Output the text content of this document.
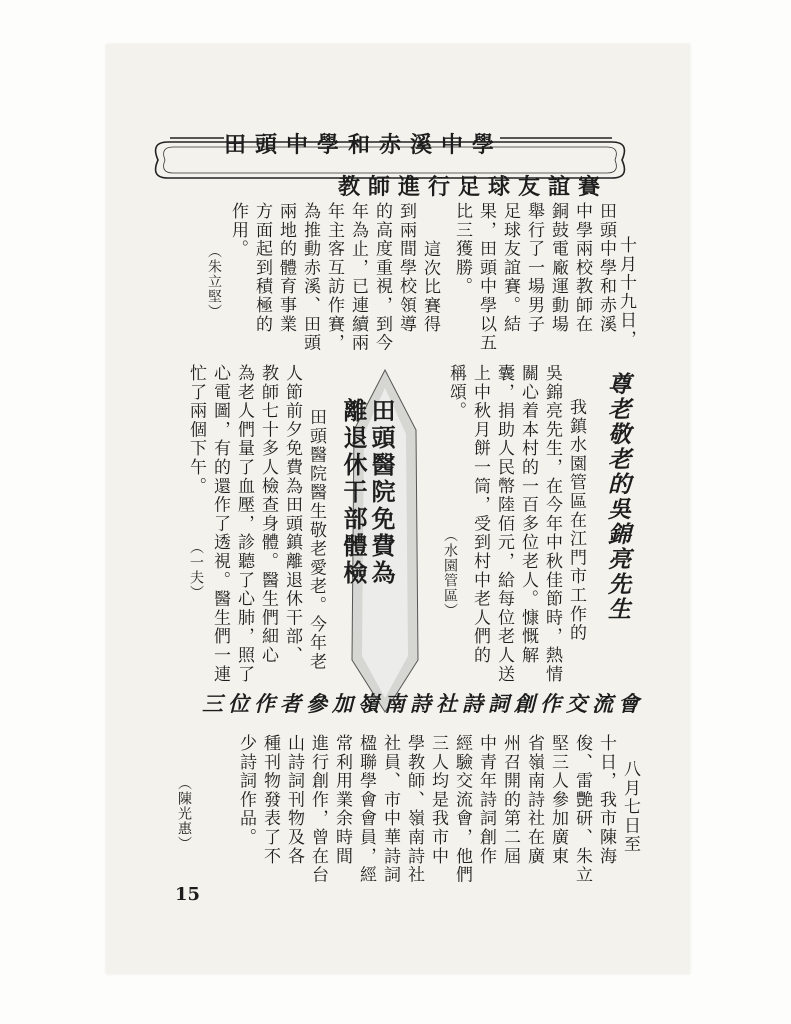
田頭中學和赤溪中學
教師進行足球友誼賽
十月十九日，
田頭中學和赤溪
中學兩校教師在
銅鼓電廠運動場
舉行了一場男子
足球友誼賽。結
果，田頭中學以五
比三獲勝。
這次比賽得
到兩間學校領導
的高度重視，到今
年為止，已連續兩
年主客互訪作賽，
為推動赤溪、田頭
兩地的體育事業
方面起到積極的
作用。
（朱立堅）
尊老敬老的吳錦亮先生
我鎮水園管區在江門市工作的
吳錦亮先生，在今年中秋佳節時，熱情
關心着本村的一百多位老人。慷慨解
囊，捐助人民幣陸佰元，給每位老人送
上中秋月餅一筒，受到村中老人們的
稱頌。
（水園管區）
田頭醫院免費為
離退休干部體檢
田頭醫院醫生敬老愛老。今年老
人節前夕免費為田頭鎮離退休干部、
教師七十多人檢查身體。醫生們細心
為老人們量了血壓，診聽了心肺，照了
心電圖，有的還作了透視。醫生們一連
忙了兩個下午。
（一夫）
三位作者參加嶺南詩社詩詞創作交流會
八月七日至
十日，我市陳海
俊、雷艷研、朱立
堅三人參加廣東
省嶺南詩社在廣
州召開的第二屆
中青年詩詞創作
經驗交流會，他們
三人均是我市中
學教師、嶺南詩社
社員、市中華詩詞
楹聯學會會員，經
常利用業余時間
進行創作，曾在台
山詩詞刊物及各
種刊物發表了不
少詩詞作品。
（陳光惠）
15
